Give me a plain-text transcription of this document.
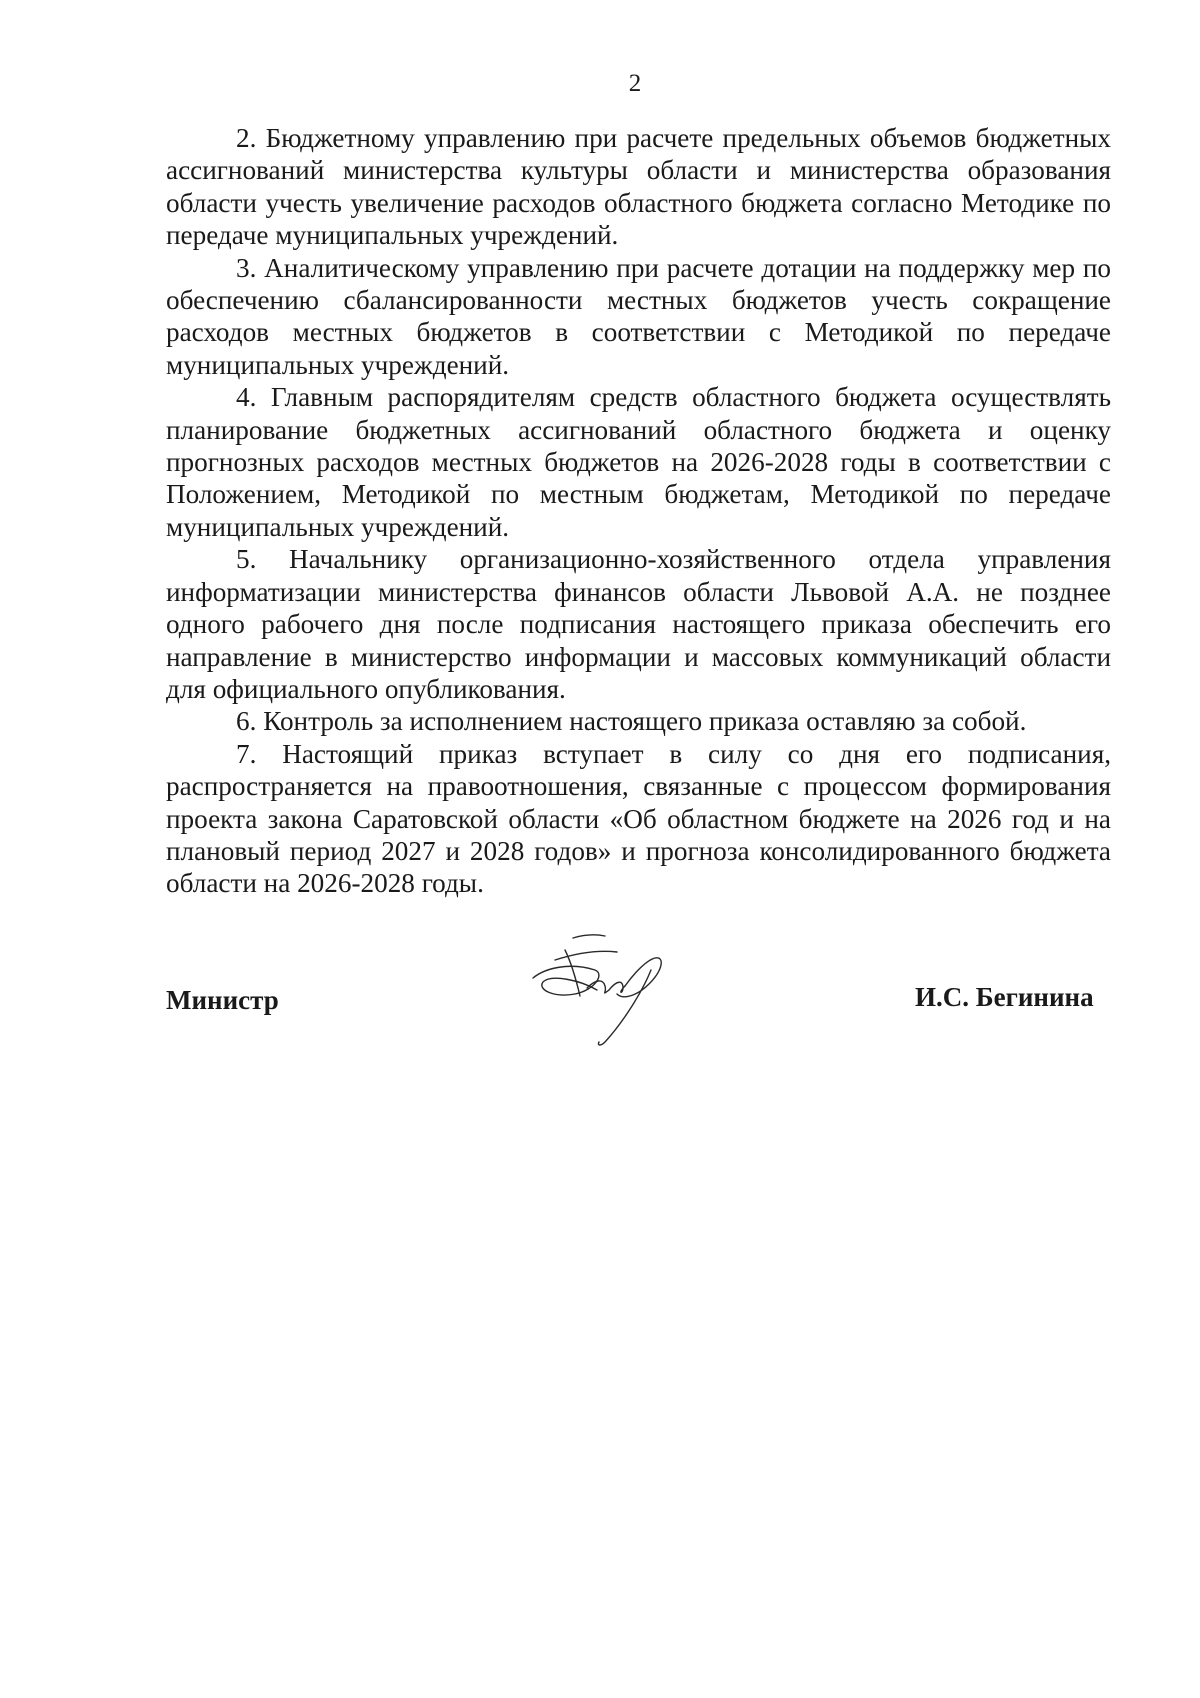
2

2. Бюджетному управлению при расчете предельных объемов бюджетных ассигнований министерства культуры области и министерства образования области учесть увеличение расходов областного бюджета согласно Методике по передаче муниципальных учреждений.

3. Аналитическому управлению при расчете дотации на поддержку мер по обеспечению сбалансированности местных бюджетов учесть сокращение расходов местных бюджетов в соответствии с Методикой по передаче муниципальных учреждений.

4. Главным распорядителям средств областного бюджета осуществлять планирование бюджетных ассигнований областного бюджета и оценку прогнозных расходов местных бюджетов на 2026-2028 годы в соответствии с Положением, Методикой по местным бюджетам, Методикой по передаче муниципальных учреждений.

5. Начальнику организационно-хозяйственного отдела управления информатизации министерства финансов области Львовой А.А. не позднее одного рабочего дня после подписания настоящего приказа обеспечить его направление в министерство информации и массовых коммуникаций области для официального опубликования.

6. Контроль за исполнением настоящего приказа оставляю за собой.

7. Настоящий приказ вступает в силу со дня его подписания, распространяется на правоотношения, связанные с процессом формирования проекта закона Саратовской области «Об областном бюджете на 2026 год и на плановый период 2027 и 2028 годов» и прогноза консолидированного бюджета области на 2026-2028 годы.

Министр	И.С. Бегинина
